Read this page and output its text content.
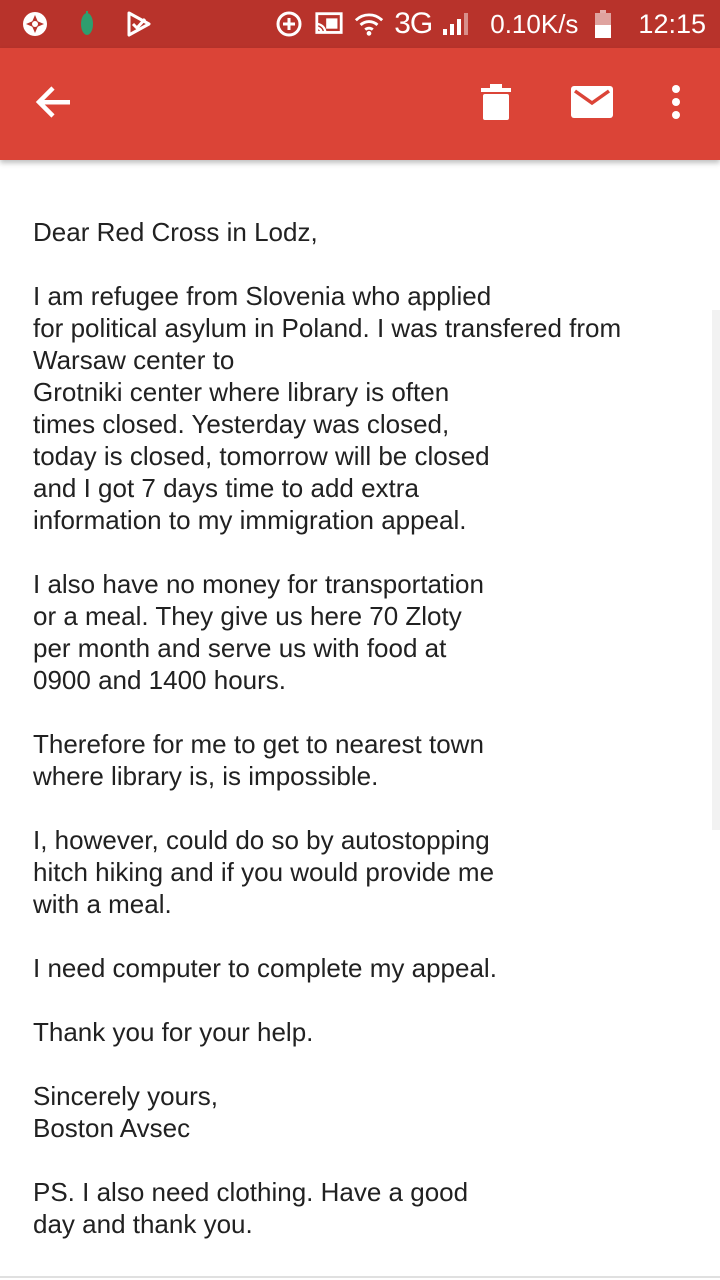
3G 0.10K/s 12:15

Dear Red Cross in Lodz,

I am refugee from Slovenia who applied
for political asylum in Poland. I was transfered from
Warsaw center to
Grotniki center where library is often
times closed. Yesterday was closed,
today is closed, tomorrow will be closed
and I got 7 days time to add extra
information to my immigration appeal.

I also have no money for transportation
or a meal. They give us here 70 Zloty
per month and serve us with food at
0900 and 1400 hours.

Therefore for me to get to nearest town
where library is, is impossible.

I, however, could do so by autostopping
hitch hiking and if you would provide me
with a meal.

I need computer to complete my appeal.

Thank you for your help.

Sincerely yours,
Boston Avsec

PS. I also need clothing. Have a good
day and thank you.
